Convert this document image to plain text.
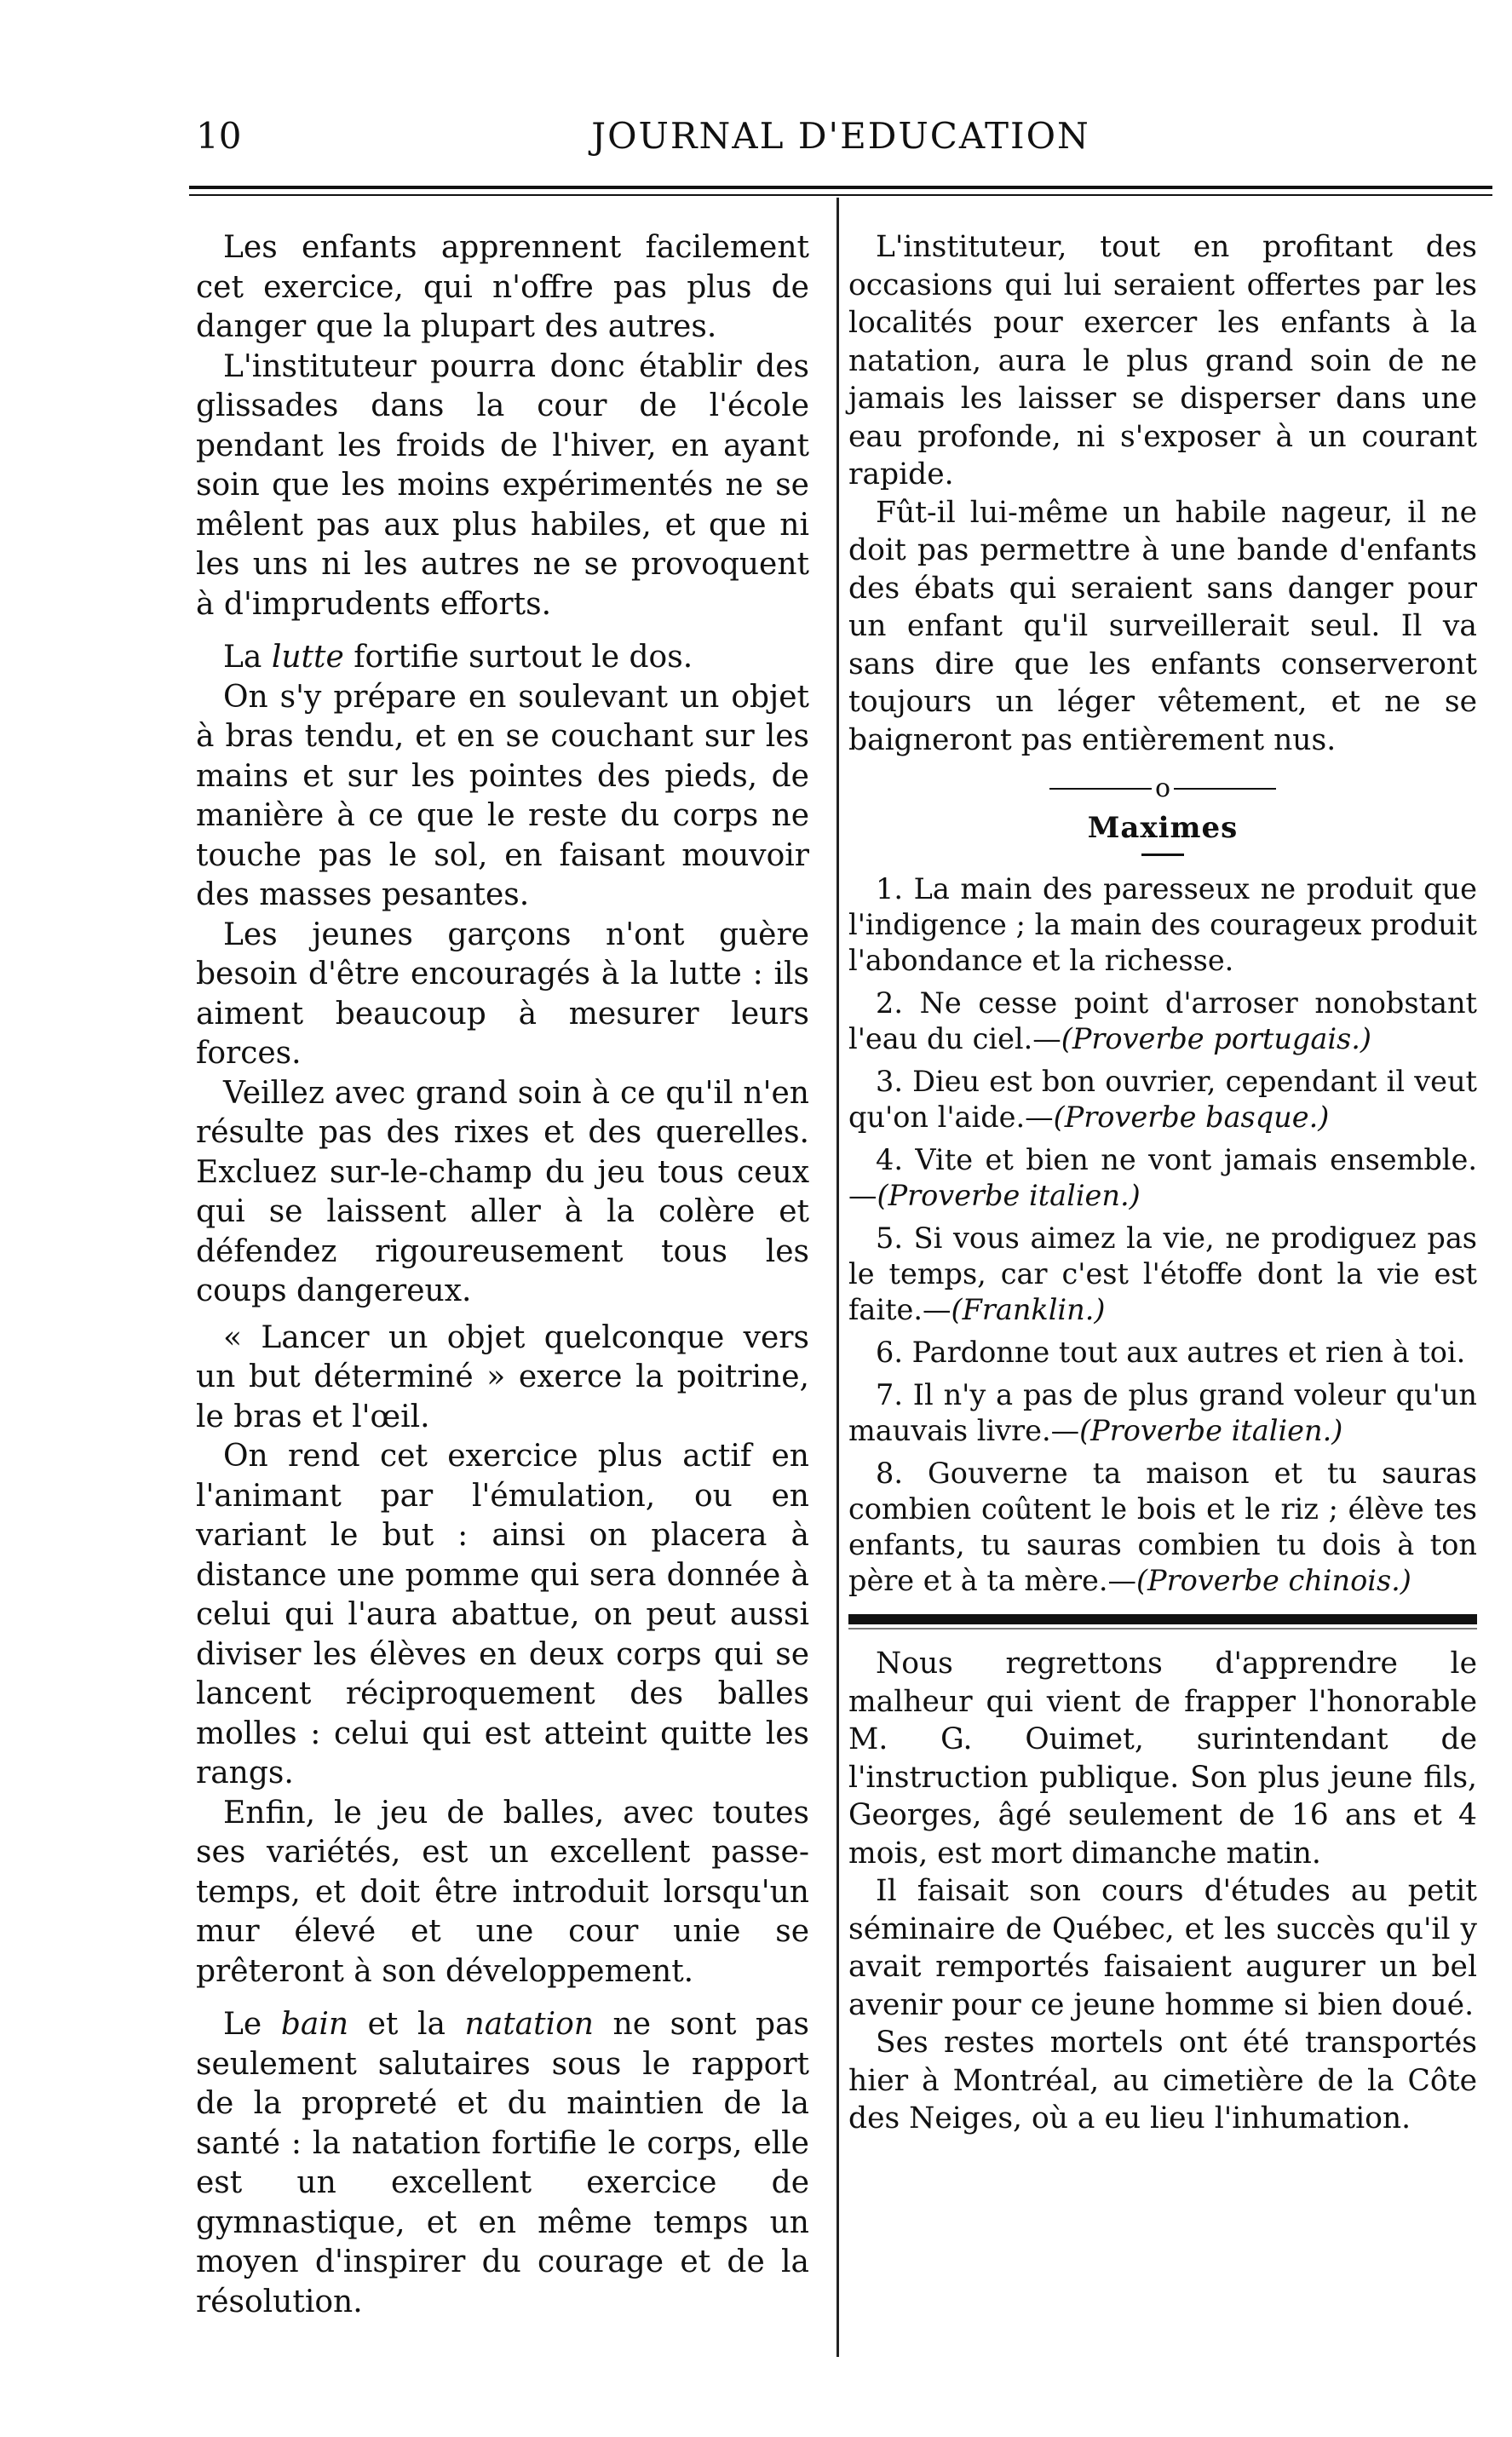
10	JOURNAL D'EDUCATION

Les enfants apprennent facilement cet exercice, qui n'offre pas plus de danger que la plupart des autres.

L'instituteur pourra donc établir des glissades dans la cour de l'école pendant les froids de l'hiver, en ayant soin que les moins expérimentés ne se mêlent pas aux plus habiles, et que ni les uns ni les autres ne se provoquent à d'imprudents efforts.

La lutte fortifie surtout le dos.

On s'y prépare en soulevant un objet à bras tendu, et en se couchant sur les mains et sur les pointes des pieds, de manière à ce que le reste du corps ne touche pas le sol, en faisant mouvoir des masses pesantes.

Les jeunes garçons n'ont guère besoin d'être encouragés à la lutte : ils aiment beaucoup à mesurer leurs forces.

Veillez avec grand soin à ce qu'il n'en résulte pas des rixes et des querelles. Excluez sur-le-champ du jeu tous ceux qui se laissent aller à la colère et défendez rigoureusement tous les coups dangereux.

« Lancer un objet quelconque vers un but déterminé » exerce la poitrine, le bras et l'œil.

On rend cet exercice plus actif en l'animant par l'émulation, ou en variant le but : ainsi on placera à distance une pomme qui sera donnée à celui qui l'aura abattue, on peut aussi diviser les élèves en deux corps qui se lancent réciproquement des balles molles : celui qui est atteint quitte les rangs.

Enfin, le jeu de balles, avec toutes ses variétés, est un excellent passe-temps, et doit être introduit lorsqu'un mur élevé et une cour unie se prêteront à son développement.

Le bain et la natation ne sont pas seulement salutaires sous le rapport de la propreté et du maintien de la santé : la natation fortifie le corps, elle est un excellent exercice de gymnastique, et en même temps un moyen d'inspirer du courage et de la résolution.

L'instituteur, tout en profitant des occasions qui lui seraient offertes par les localités pour exercer les enfants à la natation, aura le plus grand soin de ne jamais les laisser se disperser dans une eau profonde, ni s'exposer à un courant rapide.

Fût-il lui-même un habile nageur, il ne doit pas permettre à une bande d'enfants des ébats qui seraient sans danger pour un enfant qu'il surveillerait seul. Il va sans dire que les enfants conserveront toujours un léger vêtement, et ne se baigneront pas entièrement nus.

o
Maximes
1. La main des paresseux ne produit que l'indigence ; la main des courageux produit l'abondance et la richesse.
2. Ne cesse point d'arroser nonobstant l'eau du ciel.—(Proverbe portugais.)
3. Dieu est bon ouvrier, cependant il veut qu'on l'aide.—(Proverbe basque.)
4. Vite et bien ne vont jamais ensemble.—(Proverbe italien.)
5. Si vous aimez la vie, ne prodiguez pas le temps, car c'est l'étoffe dont la vie est faite.—(Franklin.)
6. Pardonne tout aux autres et rien à toi.
7. Il n'y a pas de plus grand voleur qu'un mauvais livre.—(Proverbe italien.)
8. Gouverne ta maison et tu sauras combien coûtent le bois et le riz ; élève tes enfants, tu sauras combien tu dois à ton père et à ta mère.—(Proverbe chinois.)

Nous regrettons d'apprendre le malheur qui vient de frapper l'honorable M. G. Ouimet, surintendant de l'instruction publique. Son plus jeune fils, Georges, âgé seulement de 16 ans et 4 mois, est mort dimanche matin.

Il faisait son cours d'études au petit séminaire de Québec, et les succès qu'il y avait remportés faisaient augurer un bel avenir pour ce jeune homme si bien doué.

Ses restes mortels ont été transportés hier à Montréal, au cimetière de la Côte des Neiges, où a eu lieu l'inhumation.
